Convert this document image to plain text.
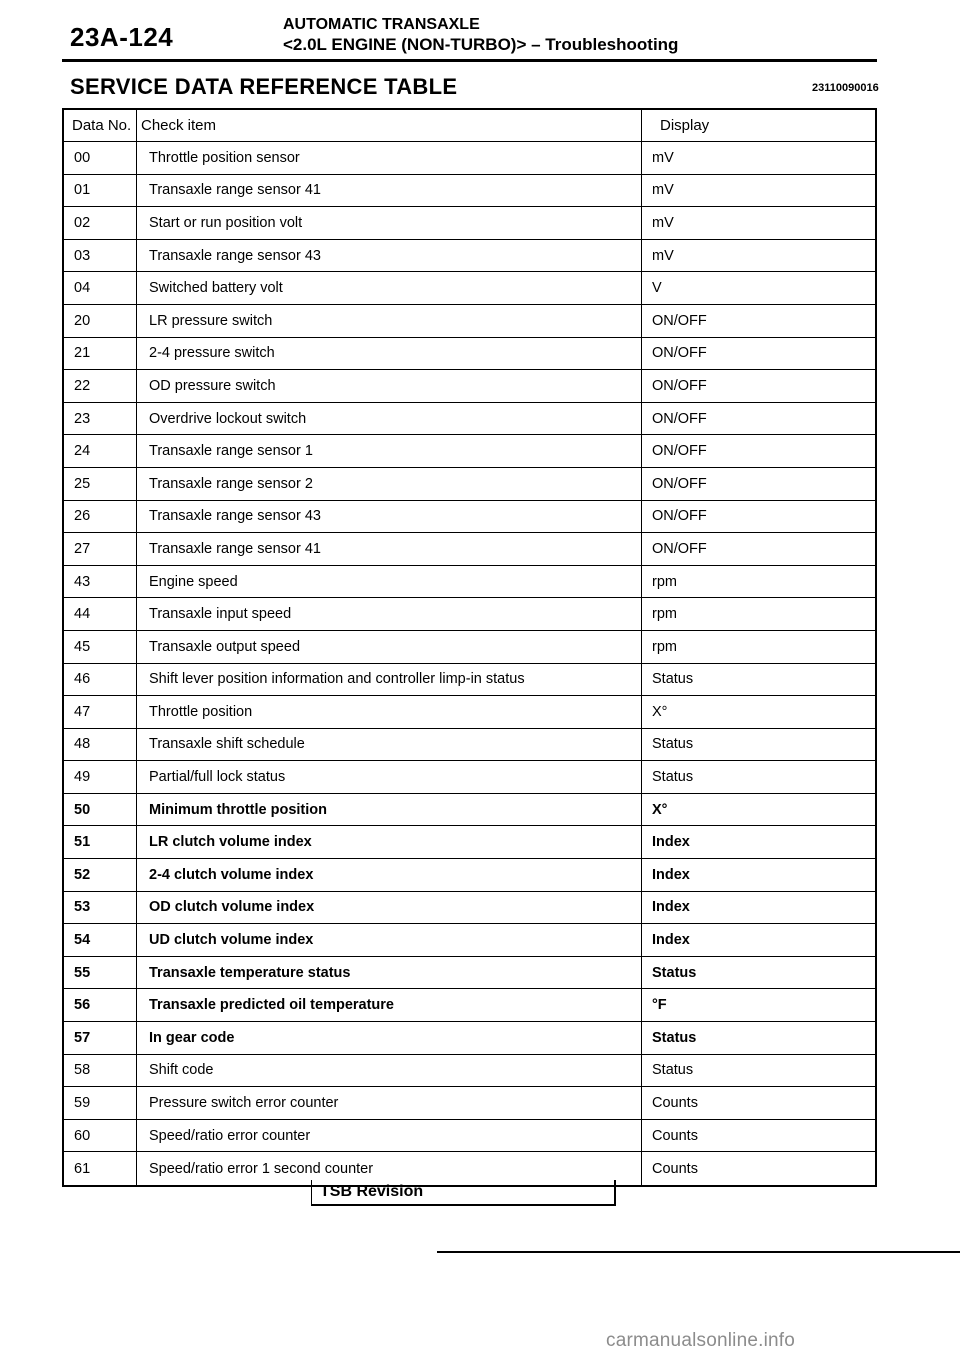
23A-124	AUTOMATIC TRANSAXLE
<2.0L ENGINE (NON-TURBO)> – Troubleshooting
SERVICE DATA REFERENCE TABLE	23110090016
Data No. Check item	Display
00	Throttle position sensor	mV
01	Transaxle range sensor 41	mV
02	Start or run position volt	mV
03	Transaxle range sensor 43	mV
04	Switched battery volt	V
20	LR pressure switch	ON/OFF
21	2-4 pressure switch	ON/OFF
22	OD pressure switch	ON/OFF
23	Overdrive lockout switch	ON/OFF
24	Transaxle range sensor 1	ON/OFF
25	Transaxle range sensor 2	ON/OFF
26	Transaxle range sensor 43	ON/OFF
27	Transaxle range sensor 41	ON/OFF
43	Engine speed	rpm
44	Transaxle input speed	rpm
45	Transaxle output speed	rpm
46	Shift lever position information and controller limp-in status	Status
47	Throttle position	X°
48	Transaxle shift schedule	Status
49	Partial/full lock status	Status
50	Minimum throttle position	X°
51	LR clutch volume index	Index
52	2-4 clutch volume index	Index
53	OD clutch volume index	Index
54	UD clutch volume index	Index
55	Transaxle temperature status	Status
56	Transaxle predicted oil temperature	°F
57	In gear code	Status
58	Shift code	Status
59	Pressure switch error counter	Counts
60	Speed/ratio error counter	Counts
61	Speed/ratio error 1 second counter	Counts
TSB Revision
carmanualsonline.info
